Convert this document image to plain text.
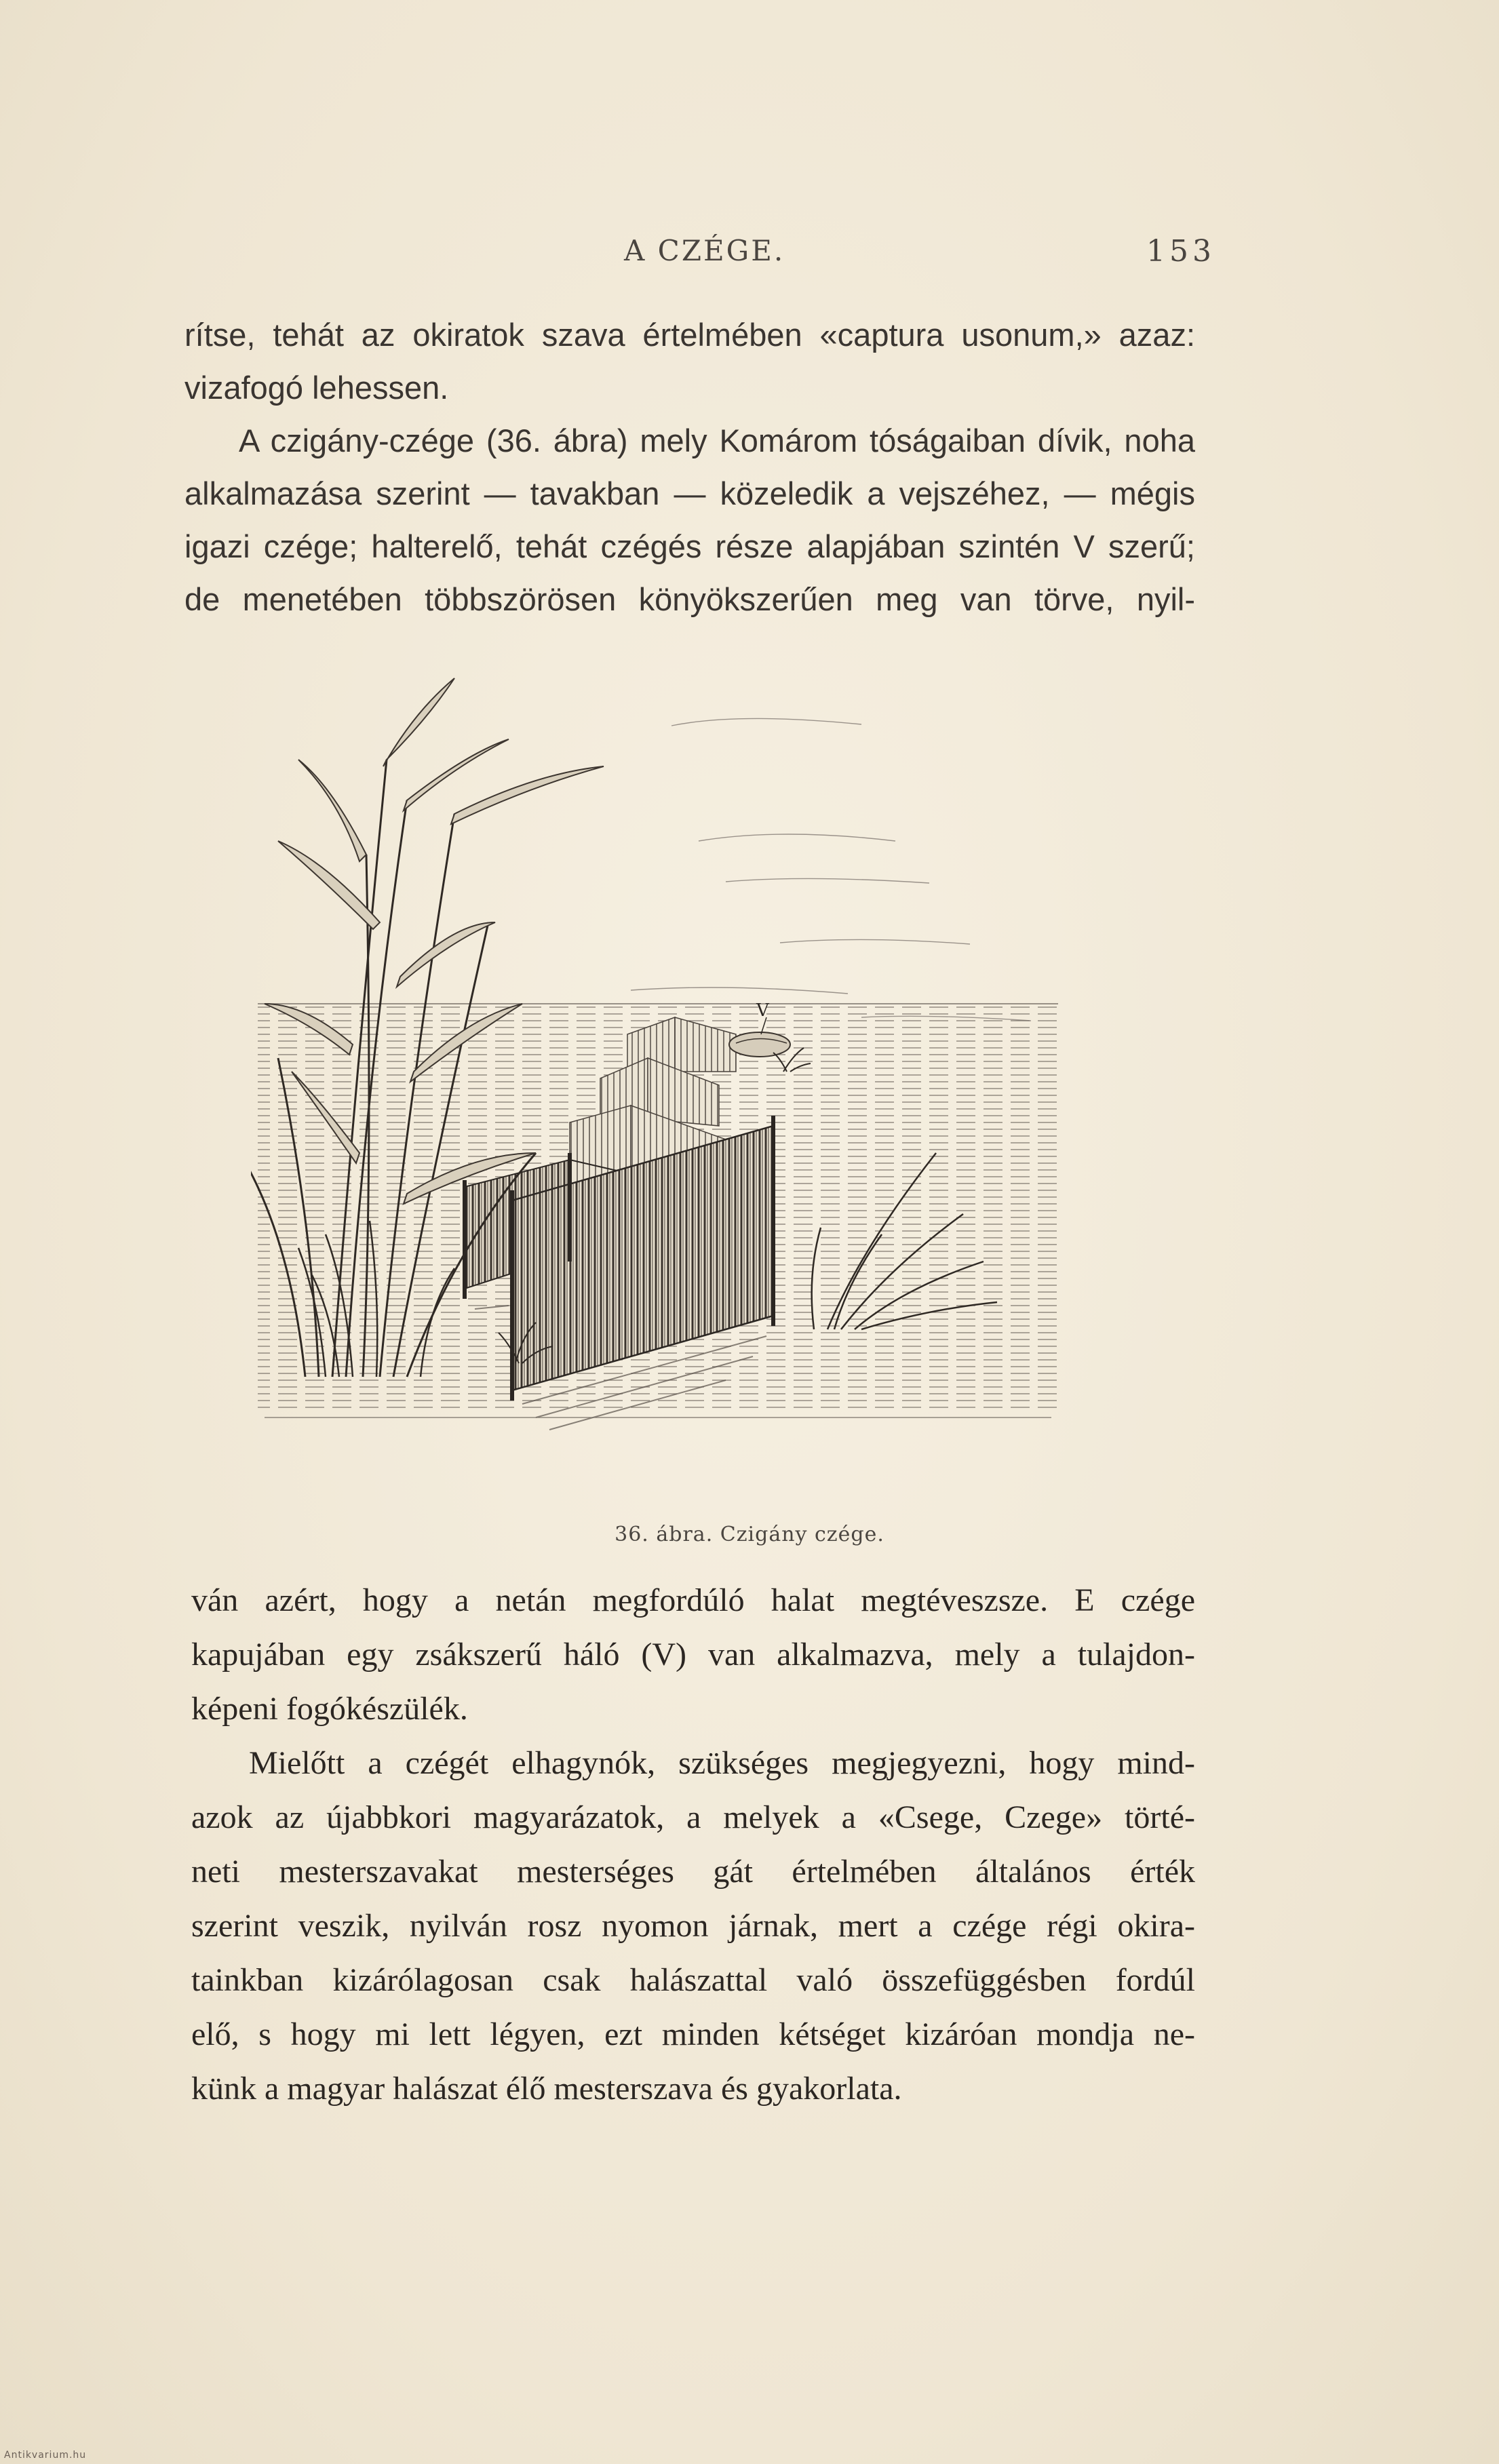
A CZÉGE.	153
rítse, tehát az okiratok szava értelmében «captura usonum,» azaz:
vizafogó lehessen.
A czigány-czége (36. ábra) mely Komárom tóságaiban dívik, noha
alkalmazása szerint — tavakban — közeledik a vejszéhez, — mégis
igazi czége; halterelő, tehát czégés része alapjában szintén V szerű;
de menetében többszörösen könyökszerűen meg van törve, nyil-
V
36. ábra. Czigány czége.
ván azért, hogy a netán megfordúló halat megtéveszsze. E czége
kapujában egy zsákszerű háló (V) van alkalmazva, mely a tulajdon-
képeni fogókészülék.
Mielőtt a czégét elhagynók, szükséges megjegyezni, hogy mind-
azok az újabbkori magyarázatok, a melyek a «Csege, Czege» törté-
neti mesterszavakat mesterséges gát értelmében általános érték
szerint veszik, nyilván rosz nyomon járnak, mert a czége régi okira-
tainkban kizárólagosan csak halászattal való összefüggésben fordúl
elő, s hogy mi lett légyen, ezt minden kétséget kizáróan mondja ne-
künk a magyar halászat élő mesterszava és gyakorlata.
Antikvarium.hu
